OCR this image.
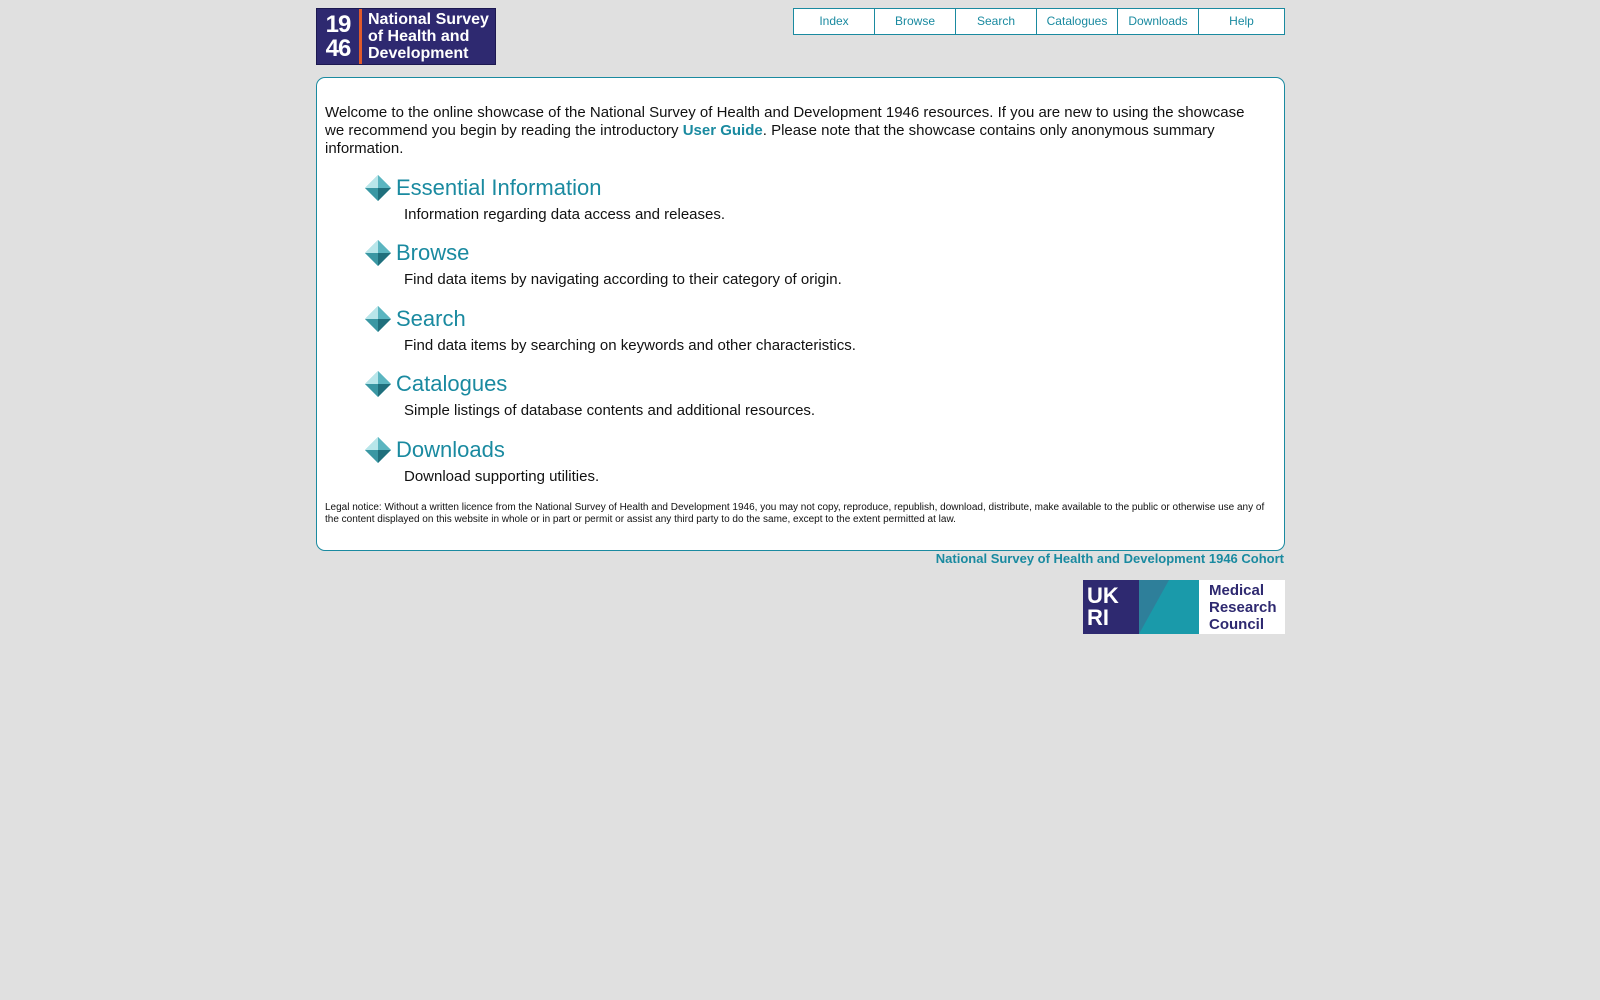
19
46
National Survey
of Health and
Development
Index	Browse	Search	Catalogues	Downloads	Help
Welcome to the online showcase of the National Survey of Health and Development 1946 resources. If you are new to using the showcase we recommend you begin by reading the introductory User Guide. Please note that the showcase contains only anonymous summary information.
Essential Information
Information regarding data access and releases.
Browse
Find data items by navigating according to their category of origin.
Search
Find data items by searching on keywords and other characteristics.
Catalogues
Simple listings of database contents and additional resources.
Downloads
Download supporting utilities.
Legal notice: Without a written licence from the National Survey of Health and Development 1946, you may not copy, reproduce, republish, download, distribute, make available to the public or otherwise use any of the content displayed on this website in whole or in part or permit or assist any third party to do the same, except to the extent permitted at law.
National Survey of Health and Development 1946 Cohort
UK
RI
Medical
Research
Council
